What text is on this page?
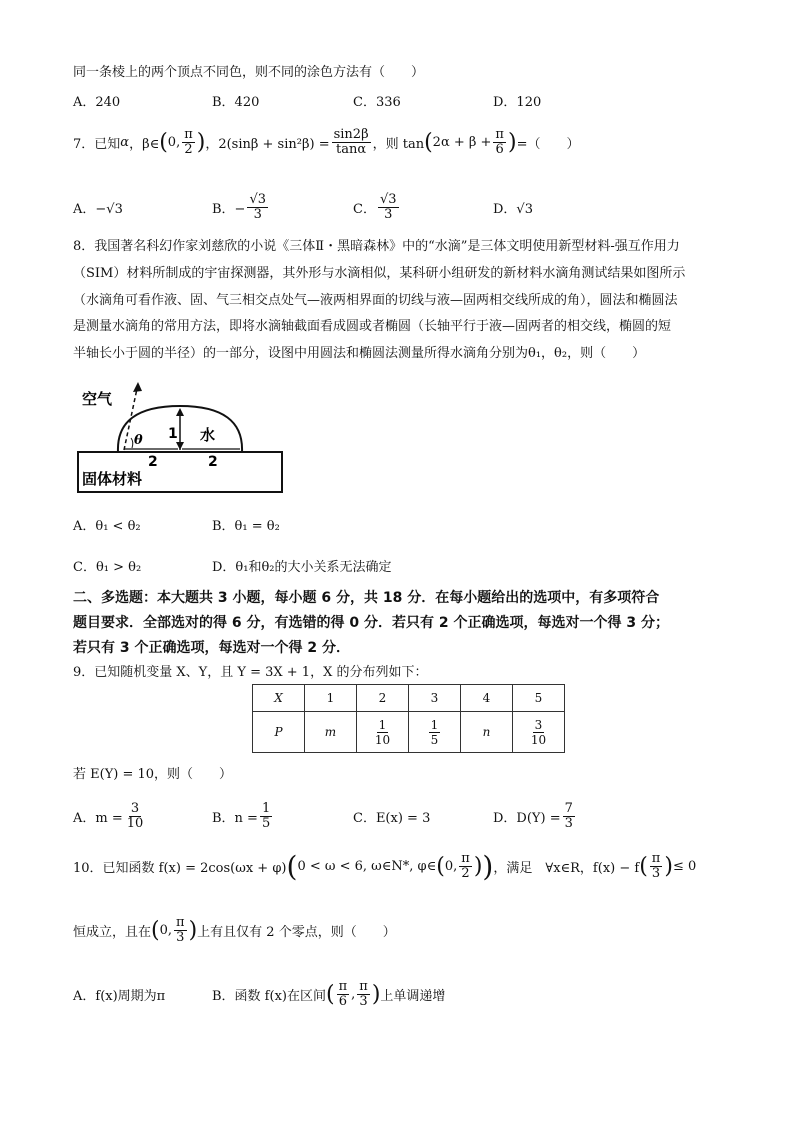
同一条棱上的两个顶点不同色，则不同的涂色方法有（　　）
A．240	B．420	C．336	D．120
7．已知 α ，β∈ ( 0, $\frac{\pi}{2}$ ) ，$2(\sin\beta + \sin^2\beta) = \frac{\sin 2\beta}{\tan\alpha}$ ，则 tan ( $2\alpha + \beta + \frac{\pi}{6}$ ) =（　　）
A．−√3	B．− $\frac{√3}{3}$	C． $\frac{√3}{3}$	D．√3
8．我国著名科幻作家刘慈欣的小说《三体Ⅱ・黑暗森林》中的“水滴”是三体文明使用新型材料-强互作用力
（SIM）材料所制成的宇宙探测器，其外形与水滴相似，某科研小组研发的新材料水滴角测试结果如图所示
（水滴角可看作液、固、气三相交点处气—液两相界面的切线与液—固两相交线所成的角），圆法和椭圆法
是测量水滴角的常用方法，即将水滴轴截面看成圆或者椭圆（长轴平行于液—固两者的相交线，椭圆的短
半轴长小于圆的半径）的一部分，设图中用圆法和椭圆法测量所得水滴角分别为θ₁，θ₂，则（　　）
空气
水
θ 1
2	2
固体材料
A．θ₁ < θ₂	B．θ₁ = θ₂
C．θ₁ > θ₂	D．θ₁和θ₂的大小关系无法确定
二、多选题：本大题共 3 小题，每小题 6 分，共 18 分．在每小题给出的选项中，有多项符合
题目要求．全部选对的得 6 分，有选错的得 0 分．若只有 2 个正确选项，每选对一个得 3 分；
若只有 3 个正确选项，每选对一个得 2 分．
9．已知随机变量 X、Y，且 Y = 3X + 1，X 的分布列如下：
X	1	2	3	4	5
P	m	$\frac{1}{10}$	$\frac{1}{5}$	n	$\frac{3}{10}$
若 E(Y) = 10，则（　　）
A．$m = \frac{3}{10}$	B．$n = \frac{1}{5}$	C．E(x) = 3	D．$D(Y) = \frac{7}{3}$
10．已知函数 f(x) = 2cos(ωx + φ) ( 0 < ω < 6, ω∈N*, φ∈ ( 0, $\frac{\pi}{2}$ ) ) ，满足　∀x∈R，f(x) − f ( $\frac{\pi}{3}$ ) ≤ 0
恒成立，且在 ( 0, $\frac{\pi}{3}$ ) 上有且仅有 2 个零点，则（　　）
A．f(x)周期为π	B．函数 f(x)在区间 ( $\frac{\pi}{6}$ , $\frac{\pi}{3}$ ) 上单调递增
